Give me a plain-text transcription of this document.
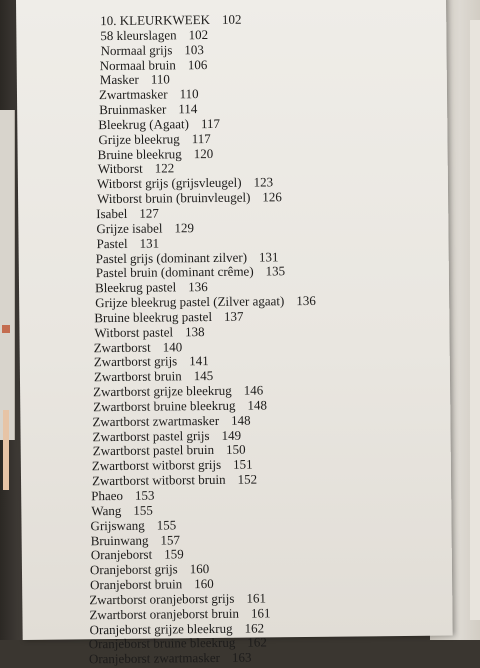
10. KLEURKWEEK 102
58 kleurslagen 102
Normaal grijs 103
Normaal bruin 106
Masker 110
Zwartmasker 110
Bruinmasker 114
Bleekrug (Agaat) 117
Grijze bleekrug 117
Bruine bleekrug 120
Witborst 122
Witborst grijs (grijsvleugel) 123
Witborst bruin (bruinvleugel) 126
Isabel 127
Grijze isabel 129
Pastel 131
Pastel grijs (dominant zilver) 131
Pastel bruin (dominant crême) 135
Bleekrug pastel 136
Grijze bleekrug pastel (Zilver agaat) 136
Bruine bleekrug pastel 137
Witborst pastel 138
Zwartborst 140
Zwartborst grijs 141
Zwartborst bruin 145
Zwartborst grijze bleekrug 146
Zwartborst bruine bleekrug 148
Zwartborst zwartmasker 148
Zwartborst pastel grijs 149
Zwartborst pastel bruin 150
Zwartborst witborst grijs 151
Zwartborst witborst bruin 152
Phaeo 153
Wang 155
Grijswang 155
Bruinwang 157
Oranjeborst 159
Oranjeborst grijs 160
Oranjeborst bruin 160
Zwartborst oranjeborst grijs 161
Zwartborst oranjeborst bruin 161
Oranjeborst grijze bleekrug 162
Oranjeborst bruine bleekrug 162
Oranjeborst zwartmasker 163
